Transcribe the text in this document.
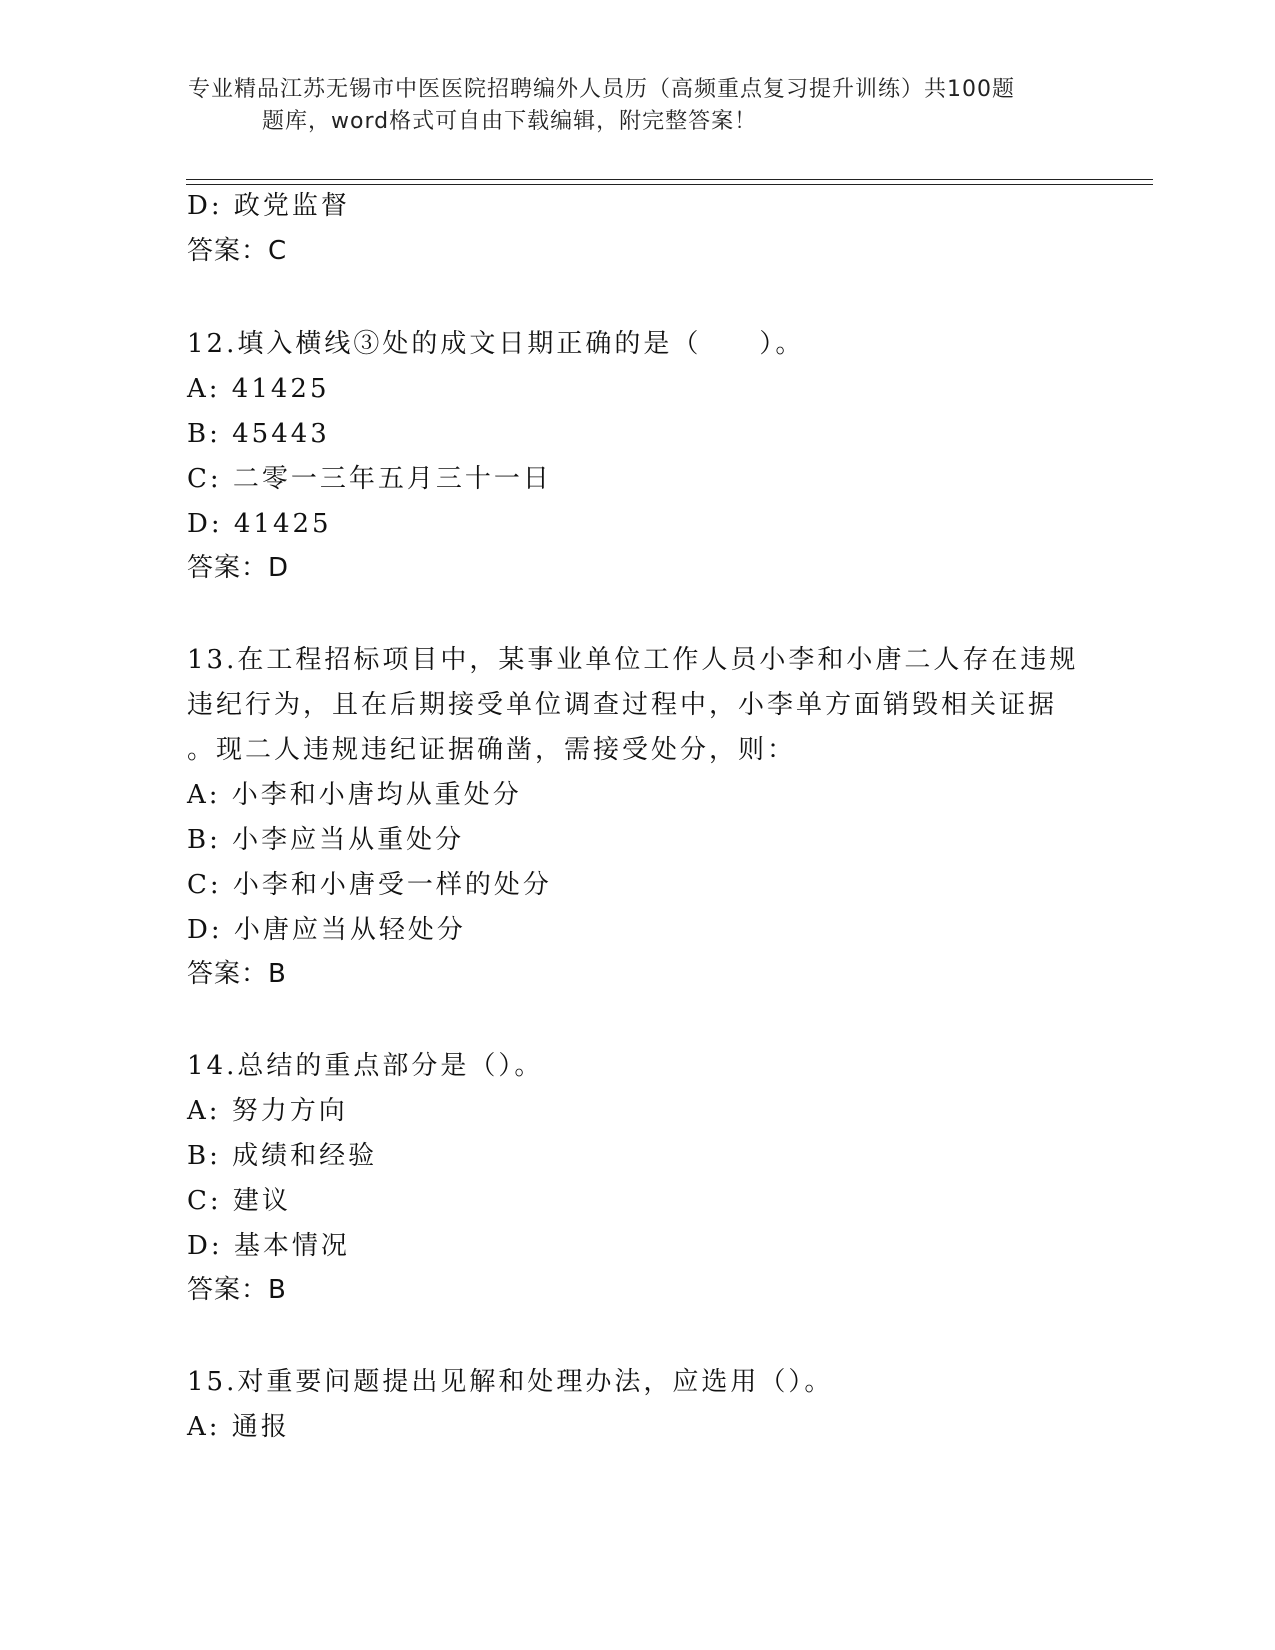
专业精品江苏无锡市中医医院招聘编外人员历（高频重点复习提升训练）共100题
题库，word格式可自由下载编辑，附完整答案！
D: 政党监督
答案：C
12.填入横线③处的成文日期正确的是（　　）。
A: 41425
B: 45443
C: 二零一三年五月三十一日
D: 41425
答案：D
13.在工程招标项目中，某事业单位工作人员小李和小唐二人存在违规
违纪行为，且在后期接受单位调查过程中，小李单方面销毁相关证据
。现二人违规违纪证据确凿，需接受处分，则：
A: 小李和小唐均从重处分
B: 小李应当从重处分
C: 小李和小唐受一样的处分
D: 小唐应当从轻处分
答案：B
14.总结的重点部分是（）。
A: 努力方向
B: 成绩和经验
C: 建议
D: 基本情况
答案：B
15.对重要问题提出见解和处理办法，应选用（）。
A: 通报
